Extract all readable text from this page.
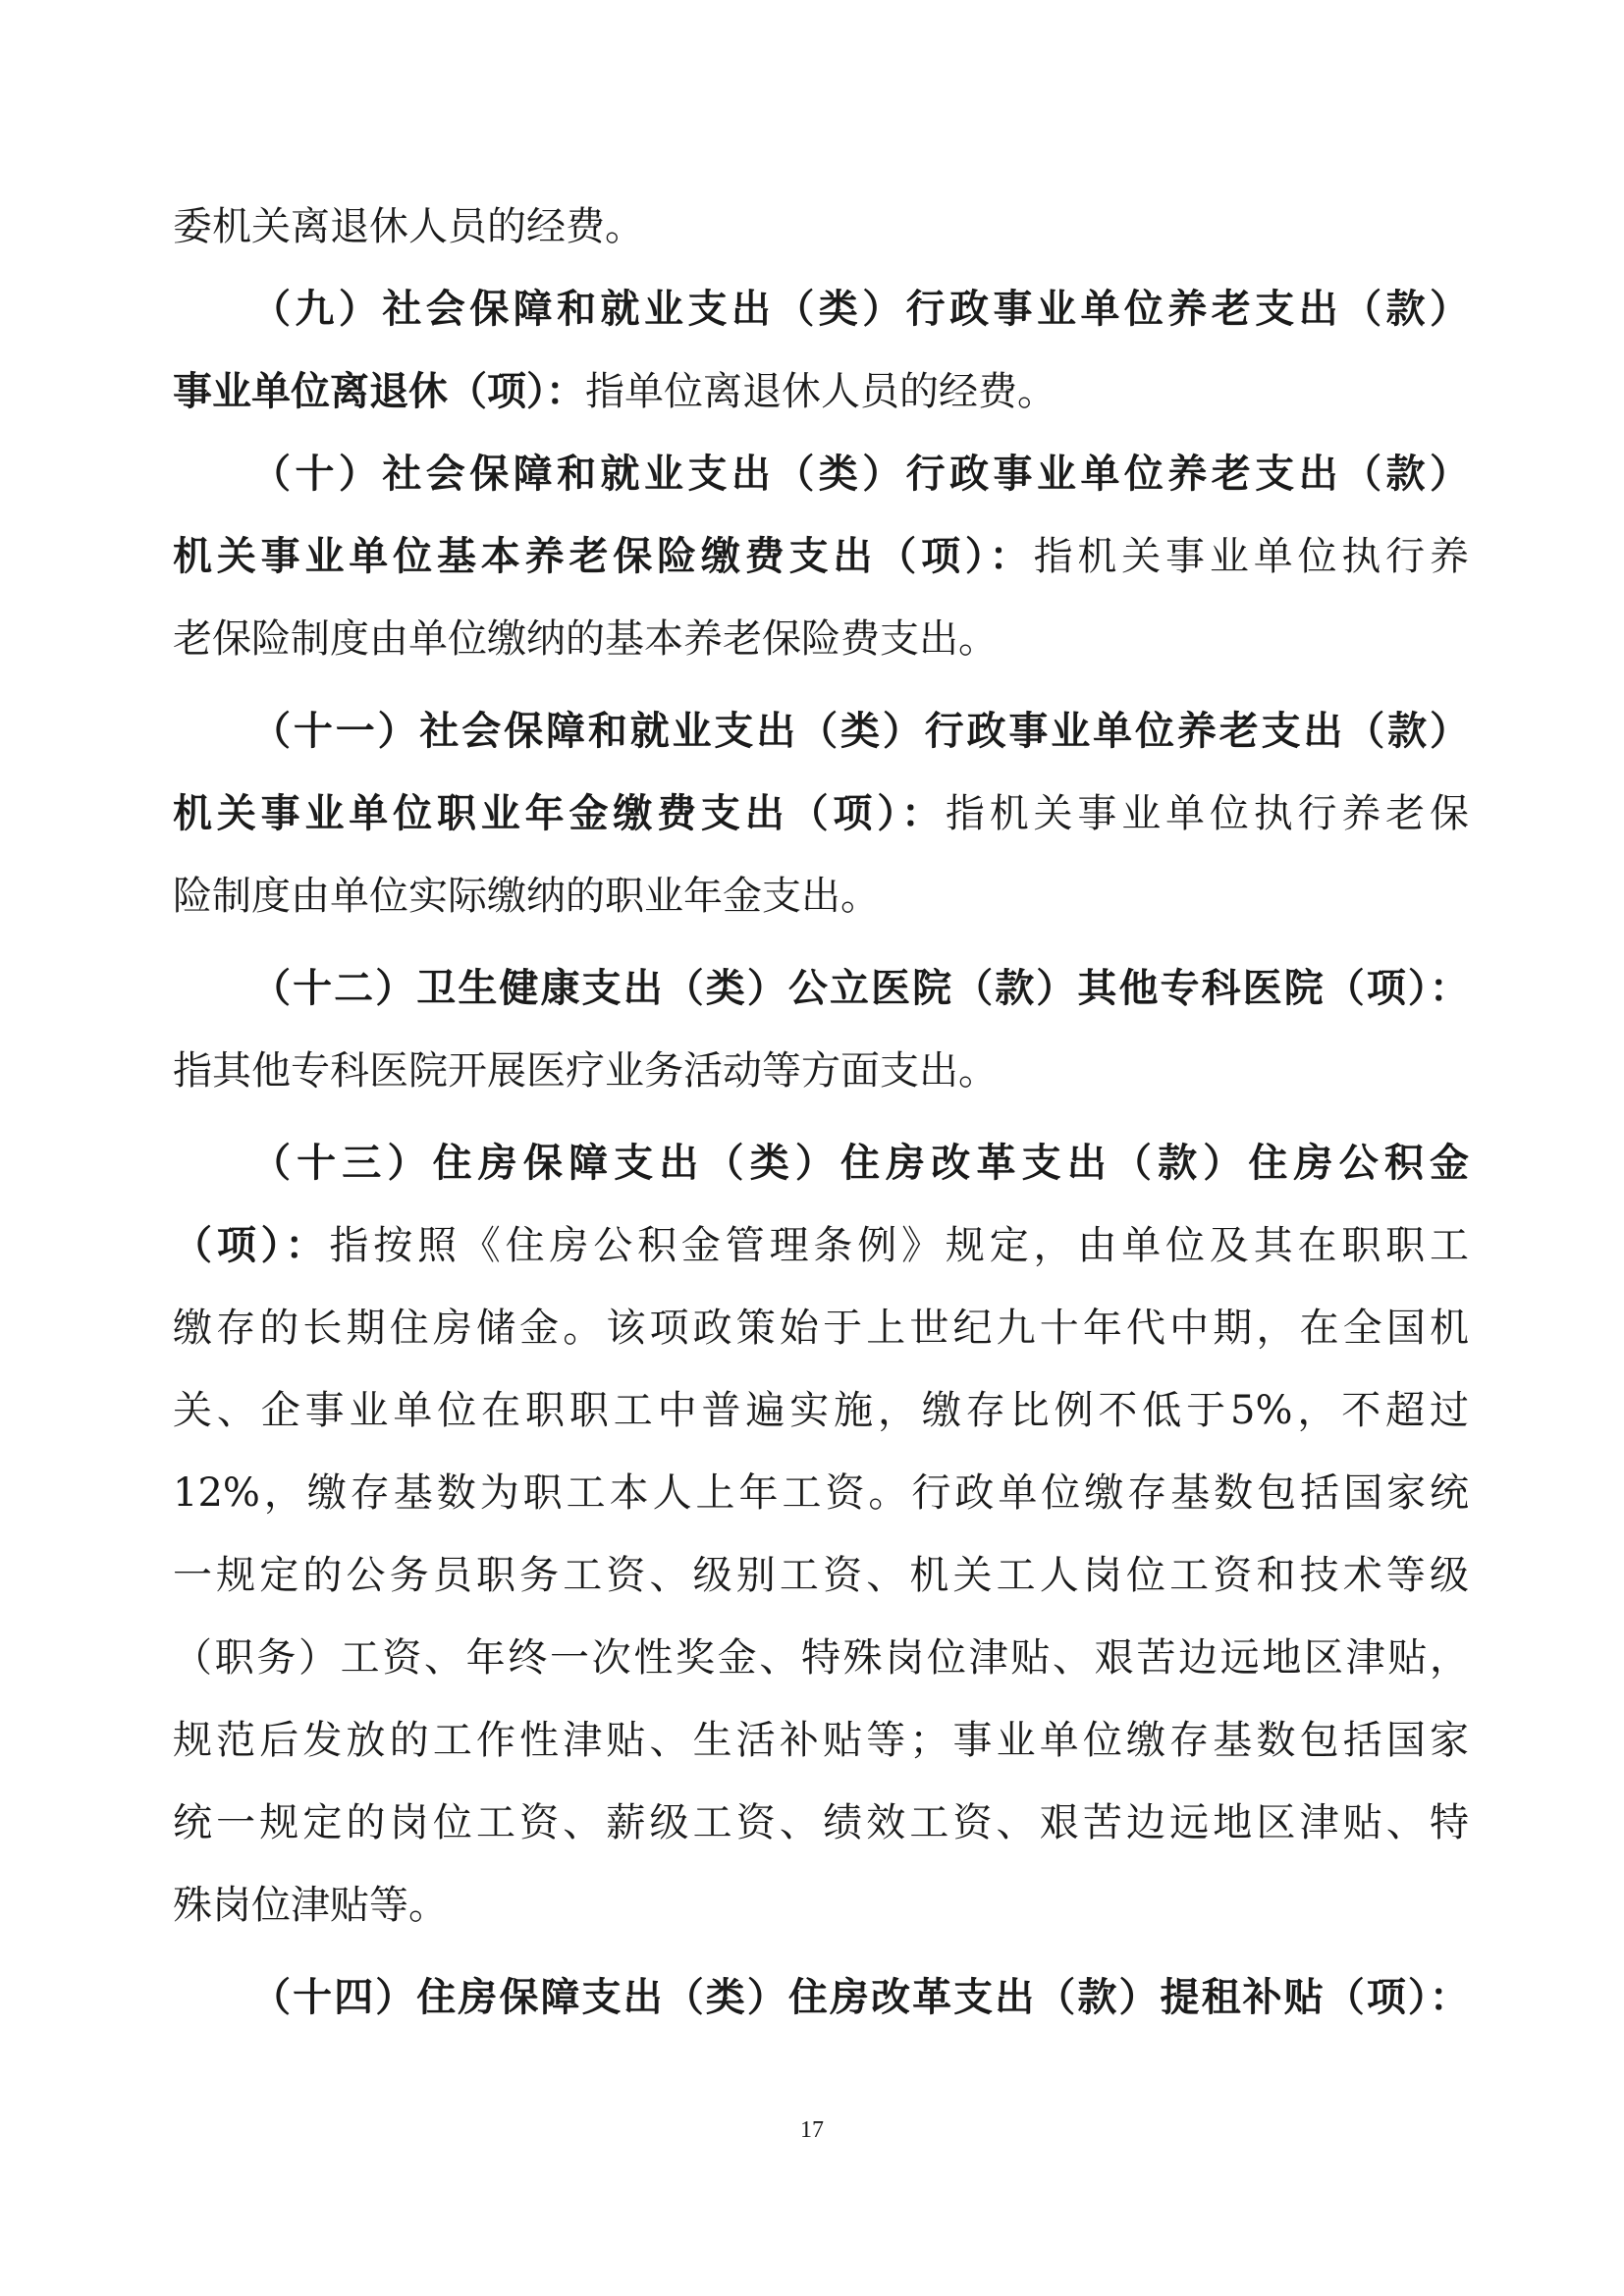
委机关离退休人员的经费。
（九）社会保障和就业支出（类）行政事业单位养老支出（款）
事业单位离退休（项）：指单位离退休人员的经费。
（十）社会保障和就业支出（类）行政事业单位养老支出（款）
机关事业单位基本养老保险缴费支出（项）：指机关事业单位执行养
老保险制度由单位缴纳的基本养老保险费支出。
（十一）社会保障和就业支出（类）行政事业单位养老支出（款）
机关事业单位职业年金缴费支出（项）：指机关事业单位执行养老保
险制度由单位实际缴纳的职业年金支出。
（十二）卫生健康支出（类）公立医院（款）其他专科医院（项）：
指其他专科医院开展医疗业务活动等方面支出。
（十三）住房保障支出（类）住房改革支出（款）住房公积金
（项）：指按照《住房公积金管理条例》规定，由单位及其在职职工
缴存的长期住房储金。该项政策始于上世纪九十年代中期，在全国机
关、企事业单位在职职工中普遍实施，缴存比例不低于5%，不超过
12%，缴存基数为职工本人上年工资。行政单位缴存基数包括国家统
一规定的公务员职务工资、级别工资、机关工人岗位工资和技术等级
（职务）工资、年终一次性奖金、特殊岗位津贴、艰苦边远地区津贴，
规范后发放的工作性津贴、生活补贴等；事业单位缴存基数包括国家
统一规定的岗位工资、薪级工资、绩效工资、艰苦边远地区津贴、特
殊岗位津贴等。
（十四）住房保障支出（类）住房改革支出（款）提租补贴（项）：
17
